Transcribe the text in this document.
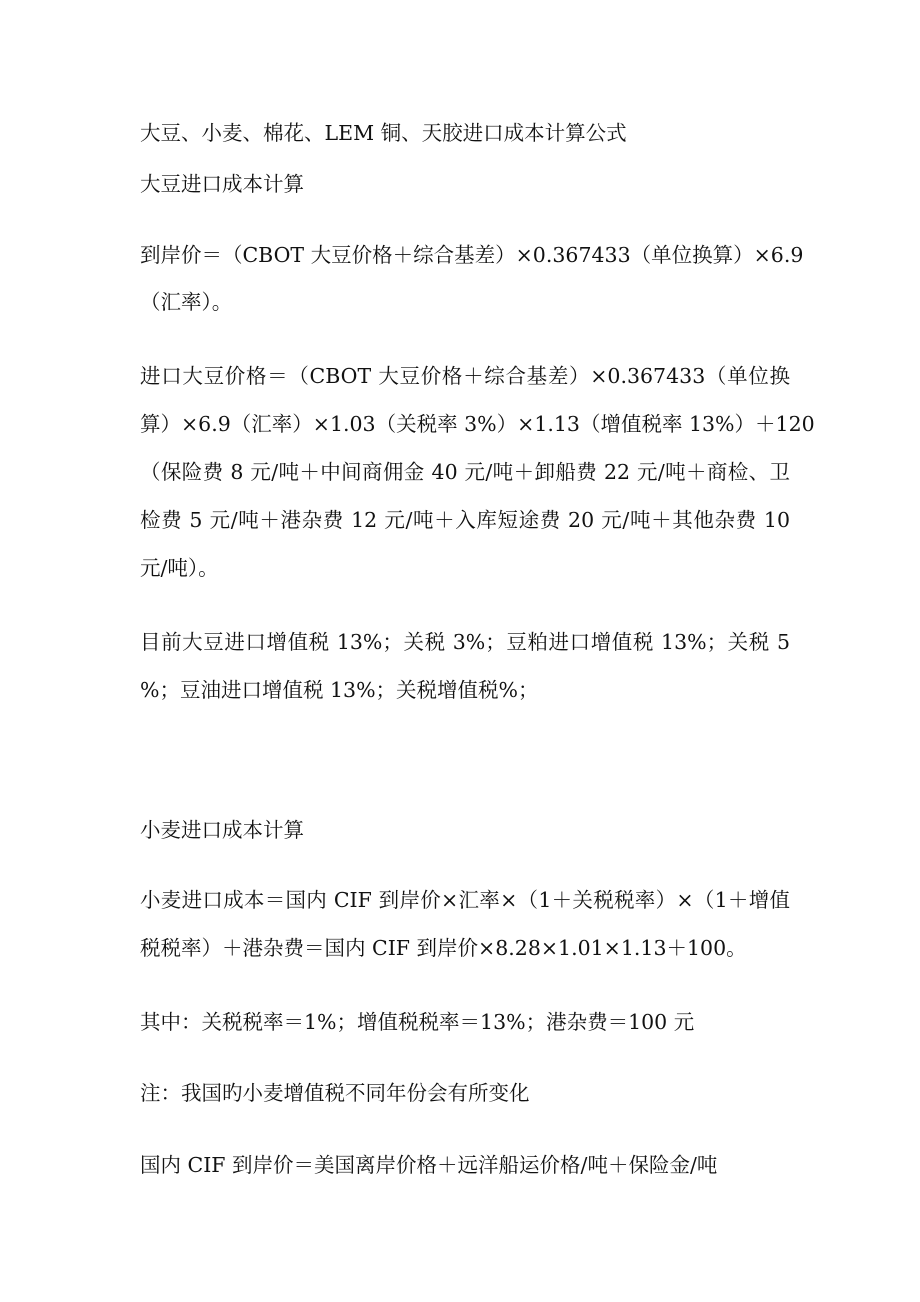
大豆、小麦、棉花、LEM 铜、天胶进口成本计算公式
大豆进口成本计算
到岸价＝（CBOT 大豆价格＋综合基差）×0.367433（单位换算）×6.9
（汇率）。
进口大豆价格＝（CBOT 大豆价格＋综合基差）×0.367433（单位换
算）×6.9（汇率）×1.03（关税率 3%）×1.13（增值税率 13%）＋120
（保险费 8 元/吨＋中间商佣金 40 元/吨＋卸船费 22 元/吨＋商检、卫
检费 5 元/吨＋港杂费 12 元/吨＋入库短途费 20 元/吨＋其他杂费 10
元/吨）。
目前大豆进口增值税 13%；关税 3%；豆粕进口增值税 13%；关税 5
%；豆油进口增值税 13%；关税增值税%；
小麦进口成本计算
小麦进口成本＝国内 CIF 到岸价×汇率×（1＋关税税率）×（1＋增值
税税率）＋港杂费＝国内 CIF 到岸价×8.28×1.01×1.13＋100。
其中：关税税率＝1%；增值税税率＝13%；港杂费＝100 元
注：我国旳小麦增值税不同年份会有所变化
国内 CIF 到岸价＝美国离岸价格＋远洋船运价格/吨＋保险金/吨
